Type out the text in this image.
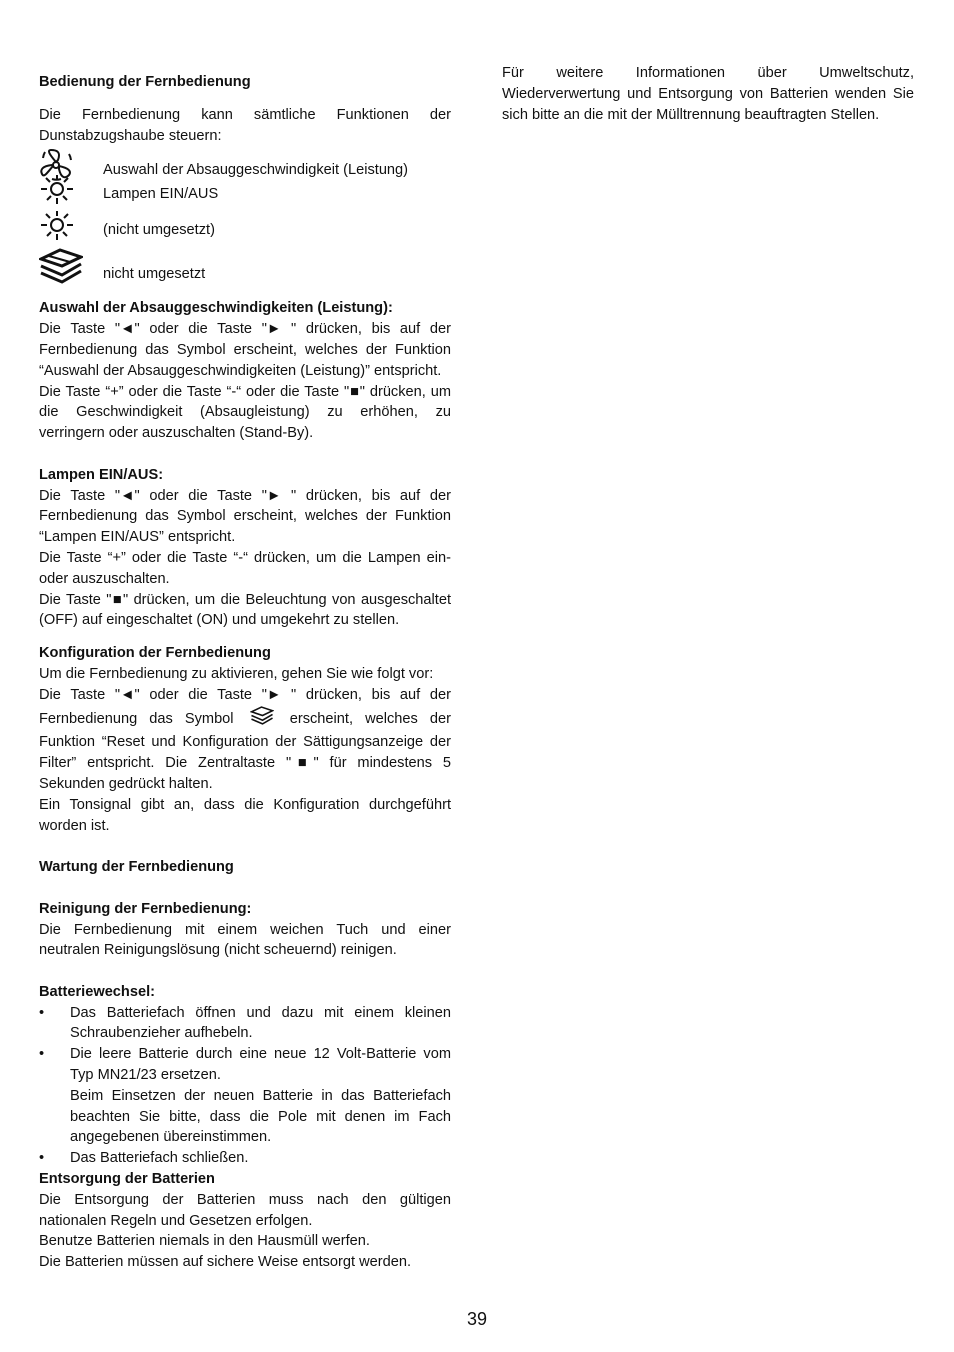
Bedienung der Fernbedienung

Die Fernbedienung kann sämtliche Funktionen der Dunstabzugshaube steuern:

Auswahl der Absauggeschwindigkeit (Leistung)
Lampen EIN/AUS
(nicht umgesetzt)
nicht umgesetzt
Auswahl der Absauggeschwindigkeiten (Leistung):

Die Taste "◄" oder die Taste "► " drücken, bis auf der Fernbedienung das Symbol erscheint, welches der Funktion “Auswahl der Absauggeschwindigkeiten (Leistung)” entspricht.

Die Taste “+” oder die Taste “-“ oder die Taste "■" drücken, um die Geschwindigkeit (Absaugleistung) zu erhöhen, zu verringern oder auszuschalten (Stand-By).

Lampen EIN/AUS:

Die Taste "◄" oder die Taste "► " drücken, bis auf der Fernbedienung das Symbol erscheint, welches der Funktion “Lampen EIN/AUS” entspricht.

Die Taste “+” oder die Taste “-“ drücken, um die Lampen ein- oder auszuschalten.

Die Taste "■" drücken, um die Beleuchtung von ausgeschaltet (OFF) auf eingeschaltet (ON) und umgekehrt zu stellen.

Konfiguration der Fernbedienung

Um die Fernbedienung zu aktivieren, gehen Sie wie folgt vor:

Die Taste "◄" oder die Taste "► " drücken, bis auf der Fernbedienung das Symbol	erscheint, welches der Funktion “Reset und Konfiguration der Sättigungsanzeige der Filter” entspricht. Die Zentraltaste "■" für mindestens 5 Sekunden gedrückt halten.

Ein Tonsignal gibt an, dass die Konfiguration durchgeführt worden ist.

Wartung der Fernbedienung
Reinigung der Fernbedienung:

Die Fernbedienung mit einem weichen Tuch und einer neutralen Reinigungslösung (nicht scheuernd) reinigen.

Batteriewechsel:
• Das Batteriefach öffnen und dazu mit einem kleinen Schraubenzieher aufhebeln.
• Die leere Batterie durch eine neue 12 Volt-Batterie vom Typ MN21/23 ersetzen.
Beim Einsetzen der neuen Batterie in das Batteriefach beachten Sie bitte, dass die Pole mit denen im Fach angegebenen übereinstimmen.
• Das Batteriefach schließen.
Entsorgung der Batterien

Die Entsorgung der Batterien muss nach den gültigen nationalen Regeln und Gesetzen erfolgen.

Benutze Batterien niemals in den Hausmüll werfen.

Die Batterien müssen auf sichere Weise entsorgt werden.

Für weitere Informationen über Umweltschutz, Wiederverwertung und Entsorgung von Batterien wenden Sie sich bitte an die mit der Mülltrennung beauftragten Stellen.

39
